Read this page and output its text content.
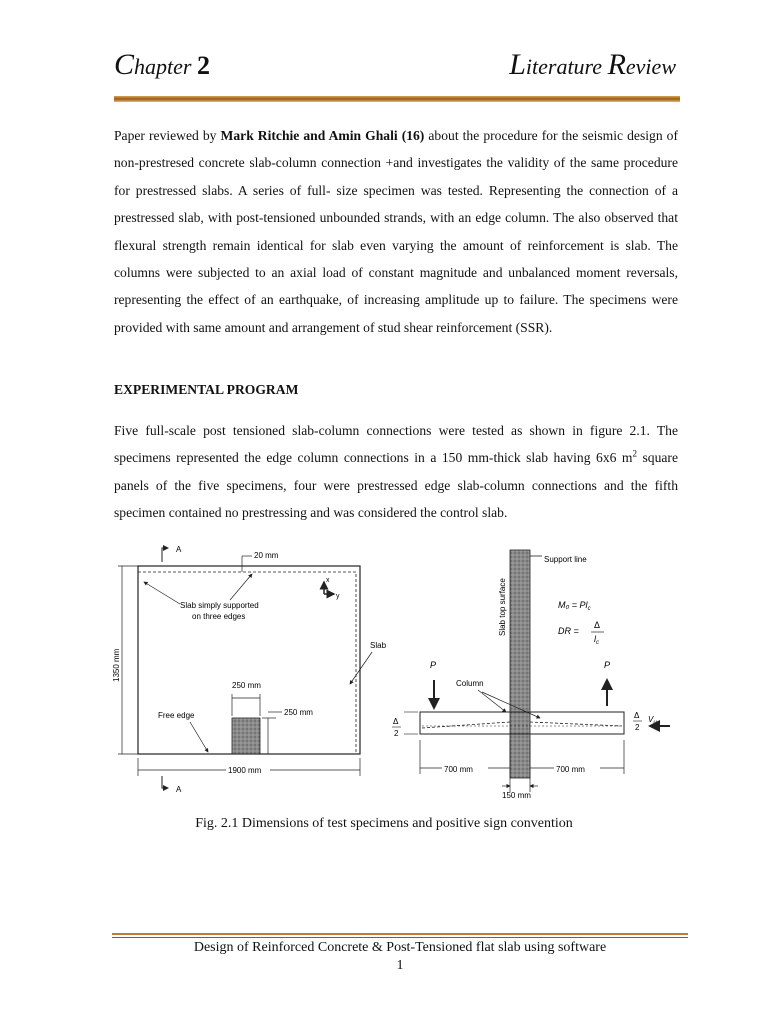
Chapter 2	Literature Review

Paper reviewed by Mark Ritchie and Amin Ghali (16) about the procedure for the seismic design of non-prestresed concrete slab-column connection +and investigates the validity of the same procedure for prestressed slabs. A series of full- size specimen was tested. Representing the connection of a prestressed slab, with post-tensioned unbounded strands, with an edge column. The also observed that flexural strength remain identical for slab even varying the amount of reinforcement is slab. The columns were subjected to an axial load of constant magnitude and unbalanced moment reversals, representing the effect of an earthquake, of increasing amplitude up to failure. The specimens were provided with same amount and arrangement of stud shear reinforcement (SSR).

EXPERIMENTAL PROGRAM

Five full-scale post tensioned slab-column connections were tested as shown in figure 2.1. The specimens represented the edge column connections in a 150 mm-thick slab having 6x6 $m^2$ square panels of the five specimens, four were prestressed edge slab-column connections and the fifth specimen contained no prestressing and was considered the control slab.

A
A
20 mm
Slab simply supported
on three edges
x
y
Slab
1350 mm
250 mm
250 mm
Free edge
1900 mm
Support line
Slab top surface	$M_0 = Pl_c$
DR =
Δ
$l_c$
P	P
Column
Δ
2
Δ
2
$V_u$
700 mm	700 mm
150 mm
Fig. 2.1 Dimensions of test specimens and positive sign convention
Design of Reinforced Concrete & Post-Tensioned flat slab using software
1
